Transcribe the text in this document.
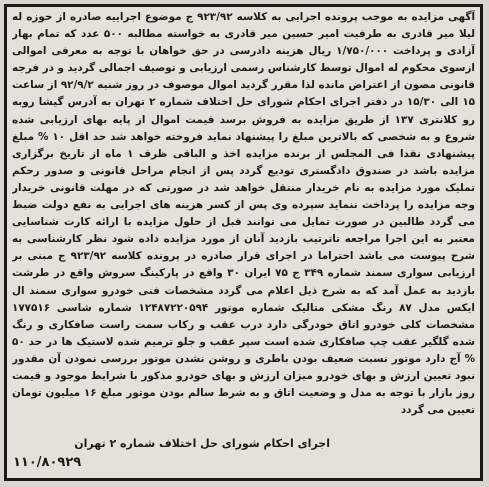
آگهی مزایده به موجب پرونده اجرایی به کلاسه ۹۲۳/۹۲ ج موضوع اجراییه صادره از حوزه له لیلا میر قادری به طرفیت امیر حسین میر قادری به خواسته مطالبه ۵۰۰ عدد که تمام بهار آزادی و پرداخت ۱/۷۵۰/۰۰۰ ریال هزینه دادرسی در حق خواهان با توجه به معرفی اموالی ازسوی محکوم له اموال توسط کارشناس رسمی ارزیابی و توصیف اجمالی گردید و در فرجه قانونی مصون از اعتراض مانده لذا مقرر گردید اموال موصوف در روز شنبه ۹۲/۹/۲ از ساعت ۱۵ الی ۱۵/۳۰ در دفتر اجرای احکام شورای حل اختلاف شماره ۲ تهران به آدرس گیشا روبه رو کلانتری ۱۳۷ از طریق مزایده به فروش برسد قیمت اموال از پایه بهای ارزیابی شده شروع و به شخصی که بالاترین مبلغ را پیشنهاد نماید فروخته خواهد شد حد اقل ۱۰ % مبلغ پیشنهادی نقدا فی المجلس از برنده مزایده اخذ و الباقی ظرف ۱ ماه از تاریخ برگزاری مزایده باشد در صندوق دادگستری تودیع گردد پس از انجام مراحل قانونی و صدور رحکم تملیک مورد مزایده به نام خریدار منتقل خواهد شد در صورتی که در مهلت قانونی خریدار وجه مزایده را پرداخت ننماید سپرده وی پس از کسر هزینه های اجرایی به نفع دولت ضبط می گردد طالبین در صورت تمایل می توانند قبل از حلول مزایده با ارائه کارت شناسایی معتبر به این اجرا مراجعه تاترتیب بازدید آنان از مورد مزایده داده شود نظر کارشناسی به شرح پیوست می باشد احتراما در اجرای قرار صادره در پرونده کلاسه ۹۲۳/۹۲ ج مبنی بر ارزیابی سواری سمند شماره ۳۴۹ ج ۷۵ ایران ۳۰ واقع در پارکینگ سروش واقع در طرشت بازدید به عمل آمد که به شرح ذیل اعلام می گردد مشخصات فنی خودرو سواری سمند ال ایکس مدل ۸۷ رنگ مشکی متالیک شماره موتور ۱۲۴۸۷۲۲۰۵۹۴ شماره شاسی ۱۷۷۵۱۶ مشخصات کلی خودرو اتاق خودرگی دارد درب عقب و رکاب سمت راست صافکاری و رنگ شده گلگیر عقب چپ صافکاری شده است سپر عقب و جلو ترمیم شده لاستیک ها در حد ۵۰ % آج دارد موتور نسبت ضعیف بودن باطری و روشن نشدن موتور بررسی نمودن آن مقدور نبود تعیین ارزش و بهای خودرو میزان ارزش و بهای خودرو مذکور با شرایط موجود و قیمت روز بازار با توجه به مدل و وضعیت اتاق و به شرط سالم بودن موتور مبلغ ۱۶ میلیون تومان تعیین می گردد
اجرای احکام شورای حل اختلاف شماره ۲ تهران
۱۱۰/۸۰۹۲۹
